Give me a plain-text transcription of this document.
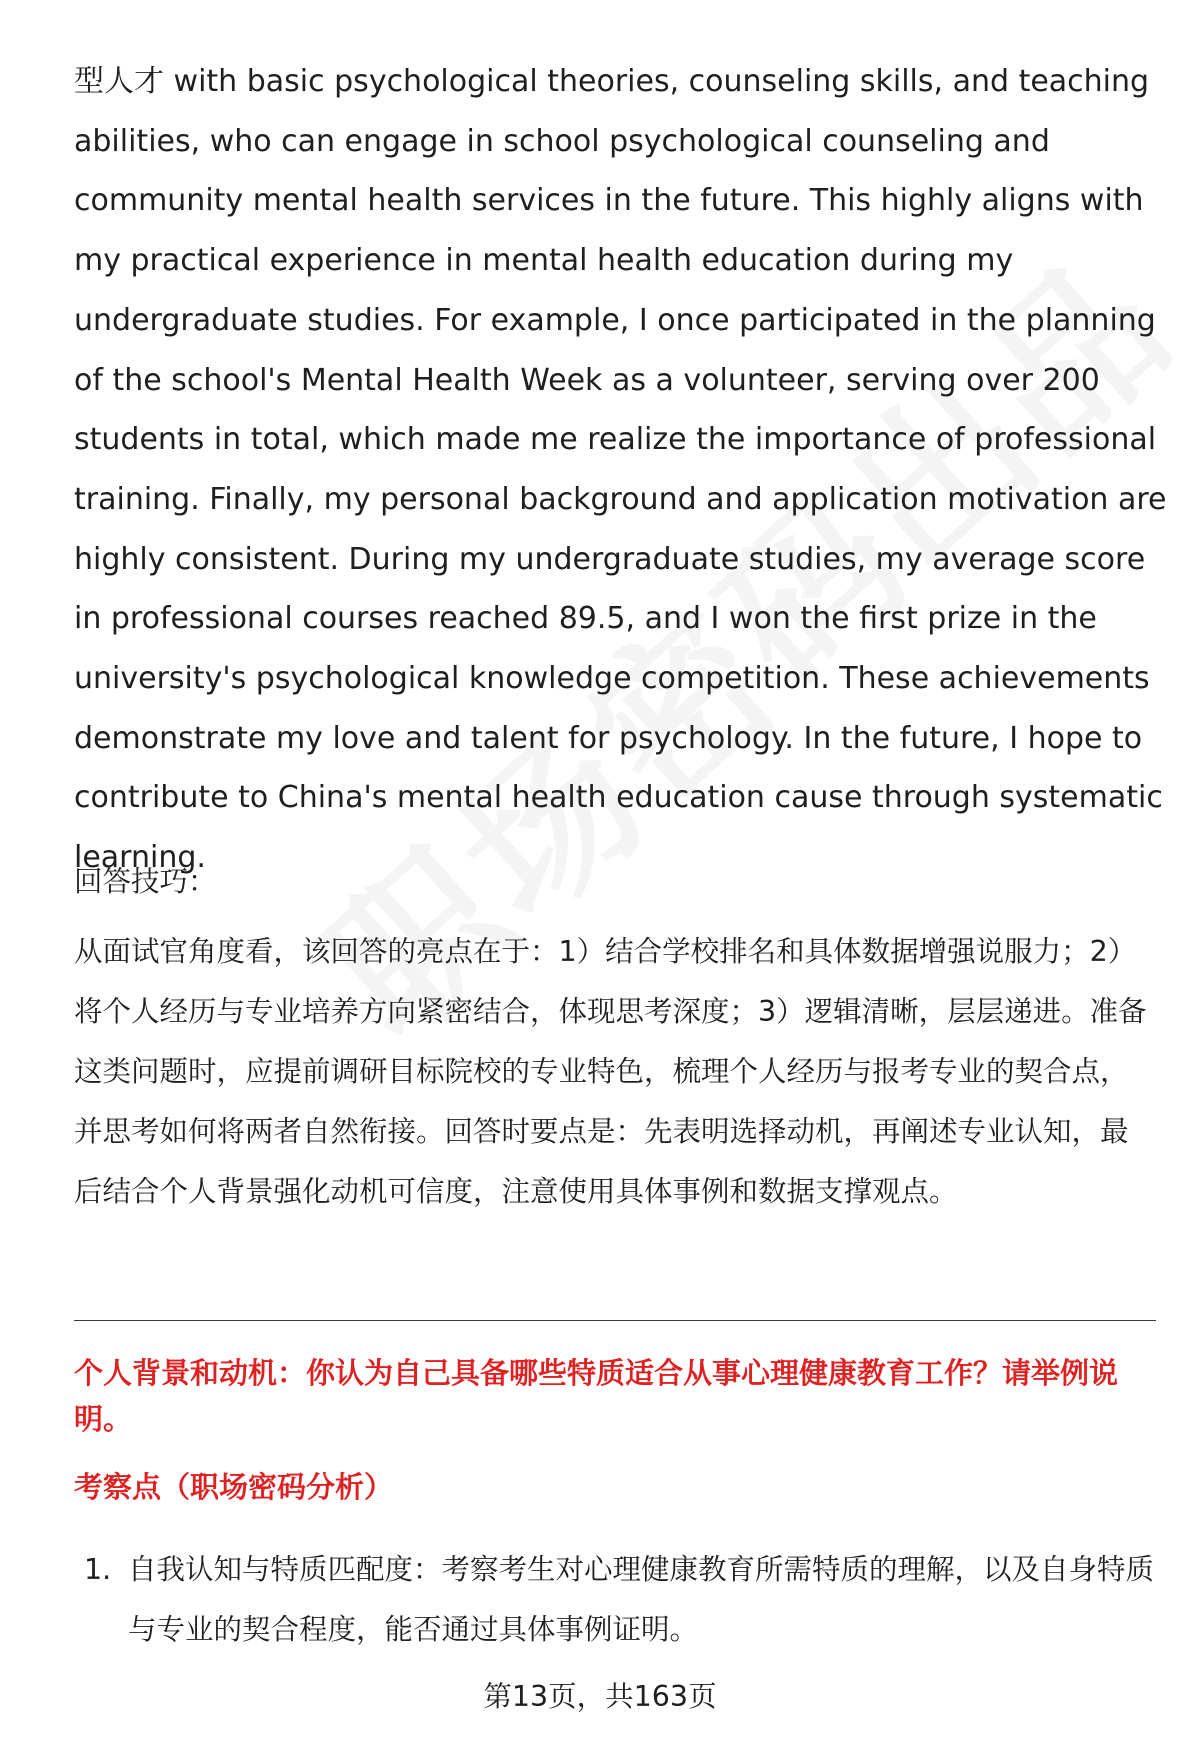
型人才 with basic psychological theories, counseling skills, and teaching abilities, who can engage in school psychological counseling and community mental health services in the future. This highly aligns with my practical experience in mental health education during my undergraduate studies. For example, I once participated in the planning of the school's Mental Health Week as a volunteer, serving over 200 students in total, which made me realize the importance of professional training. Finally, my personal background and application motivation are highly consistent. During my undergraduate studies, my average score in professional courses reached 89.5, and I won the first prize in the university's psychological knowledge competition. These achievements demonstrate my love and talent for psychology. In the future, I hope to contribute to China's mental health education cause through systematic learning.

回答技巧：

从面试官角度看，该回答的亮点在于：1）结合学校排名和具体数据增强说服力；2）将个人经历与专业培养方向紧密结合，体现思考深度；3）逻辑清晰，层层递进。准备这类问题时，应提前调研目标院校的专业特色，梳理个人经历与报考专业的契合点，并思考如何将两者自然衔接。回答时要点是：先表明选择动机，再阐述专业认知，最后结合个人背景强化动机可信度，注意使用具体事例和数据支撑观点。

个人背景和动机：你认为自己具备哪些特质适合从事心理健康教育工作？请举例说明。

考察点（职场密码分析）

1. 自我认知与特质匹配度：考察考生对心理健康教育所需特质的理解，以及自身特质与专业的契合程度，能否通过具体事例证明。
第13页，共163页
